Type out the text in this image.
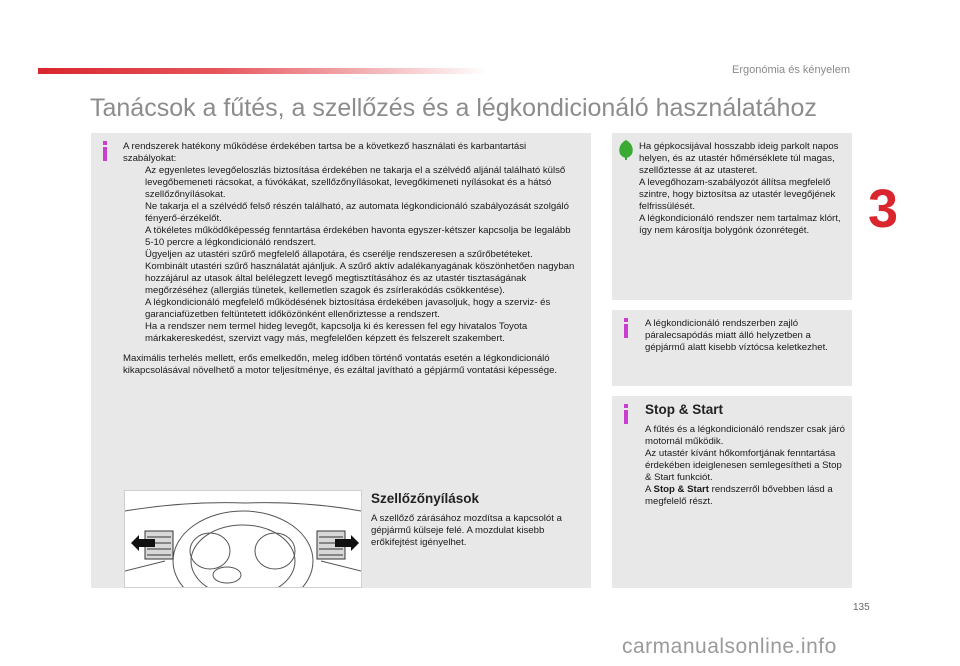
Ergonómia és kényelem
Tanácsok a fűtés, a szellőzés és a légkondicionáló használatához
A rendszerek hatékony működése érdekében tartsa be a következő használati és karbantartási szabályokat:
Az egyenletes levegőeloszlás biztosítása érdekében ne takarja el a szélvédő aljánál található külső levegőbemeneti rácsokat, a fúvókákat, szellőzőnyílásokat, levegőkimeneti nyílásokat és a hátsó szellőzőnyílásokat.
Ne takarja el a szélvédő felső részén található, az automata légkondicionáló szabályozását szolgáló fényerő-érzékelőt.
A tökéletes működőképesség fenntartása érdekében havonta egyszer-kétszer kapcsolja be legalább 5-10 percre a légkondicionáló rendszert.
Ügyeljen az utastéri szűrő megfelelő állapotára, és cserélje rendszeresen a szűrőbetéteket.
Kombinált utastéri szűrő használatát ajánljuk. A szűrő aktív adalékanyagának köszönhetően nagyban hozzájárul az utasok által belélegzett levegő megtisztításához és az utastér tisztaságának megőrzéséhez (allergiás tünetek, kellemetlen szagok és zsírlerakódás csökkentése).
A légkondicionáló megfelelő működésének biztosítása érdekében javasoljuk, hogy a szerviz- és garanciafüzetben feltüntetett időközönként ellenőriztesse a rendszert.
Ha a rendszer nem termel hideg levegőt, kapcsolja ki és keressen fel egy hivatalos Toyota márkakereskedést, szervizt vagy más, megfelelően képzett és felszerelt szakembert.
Maximális terhelés mellett, erős emelkedőn, meleg időben történő vontatás esetén a légkondicionáló kikapcsolásával növelhető a motor teljesítménye, és ezáltal javítható a gépjármű vontatási képessége.
Szellőzőnyílások
A szellőző zárásához mozdítsa a kapcsolót a gépjármű külseje felé. A mozdulat kisebb erőkifejtést igényelhet.
Ha gépkocsijával hosszabb ideig parkolt napos helyen, és az utastér hőmérséklete túl magas, szellőztesse át az utasteret.
A levegőhozam-szabályozót állítsa megfelelő szintre, hogy biztosítsa az utastér levegőjének felfrissülését.
A légkondicionáló rendszer nem tartalmaz klórt, így nem károsítja bolygónk ózonrétegét.
A légkondicionáló rendszerben zajló páralecsapódás miatt álló helyzetben a gépjármű alatt kisebb víztócsa keletkezhet.
Stop & Start
A fűtés és a légkondicionáló rendszer csak járó motornál működik.
Az utastér kívánt hőkomfortjának fenntartása érdekében ideiglenesen semlegesítheti a Stop & Start funkciót.
A Stop & Start rendszerről bővebben lásd a megfelelő részt.
3
135
carmanualsonline.info
